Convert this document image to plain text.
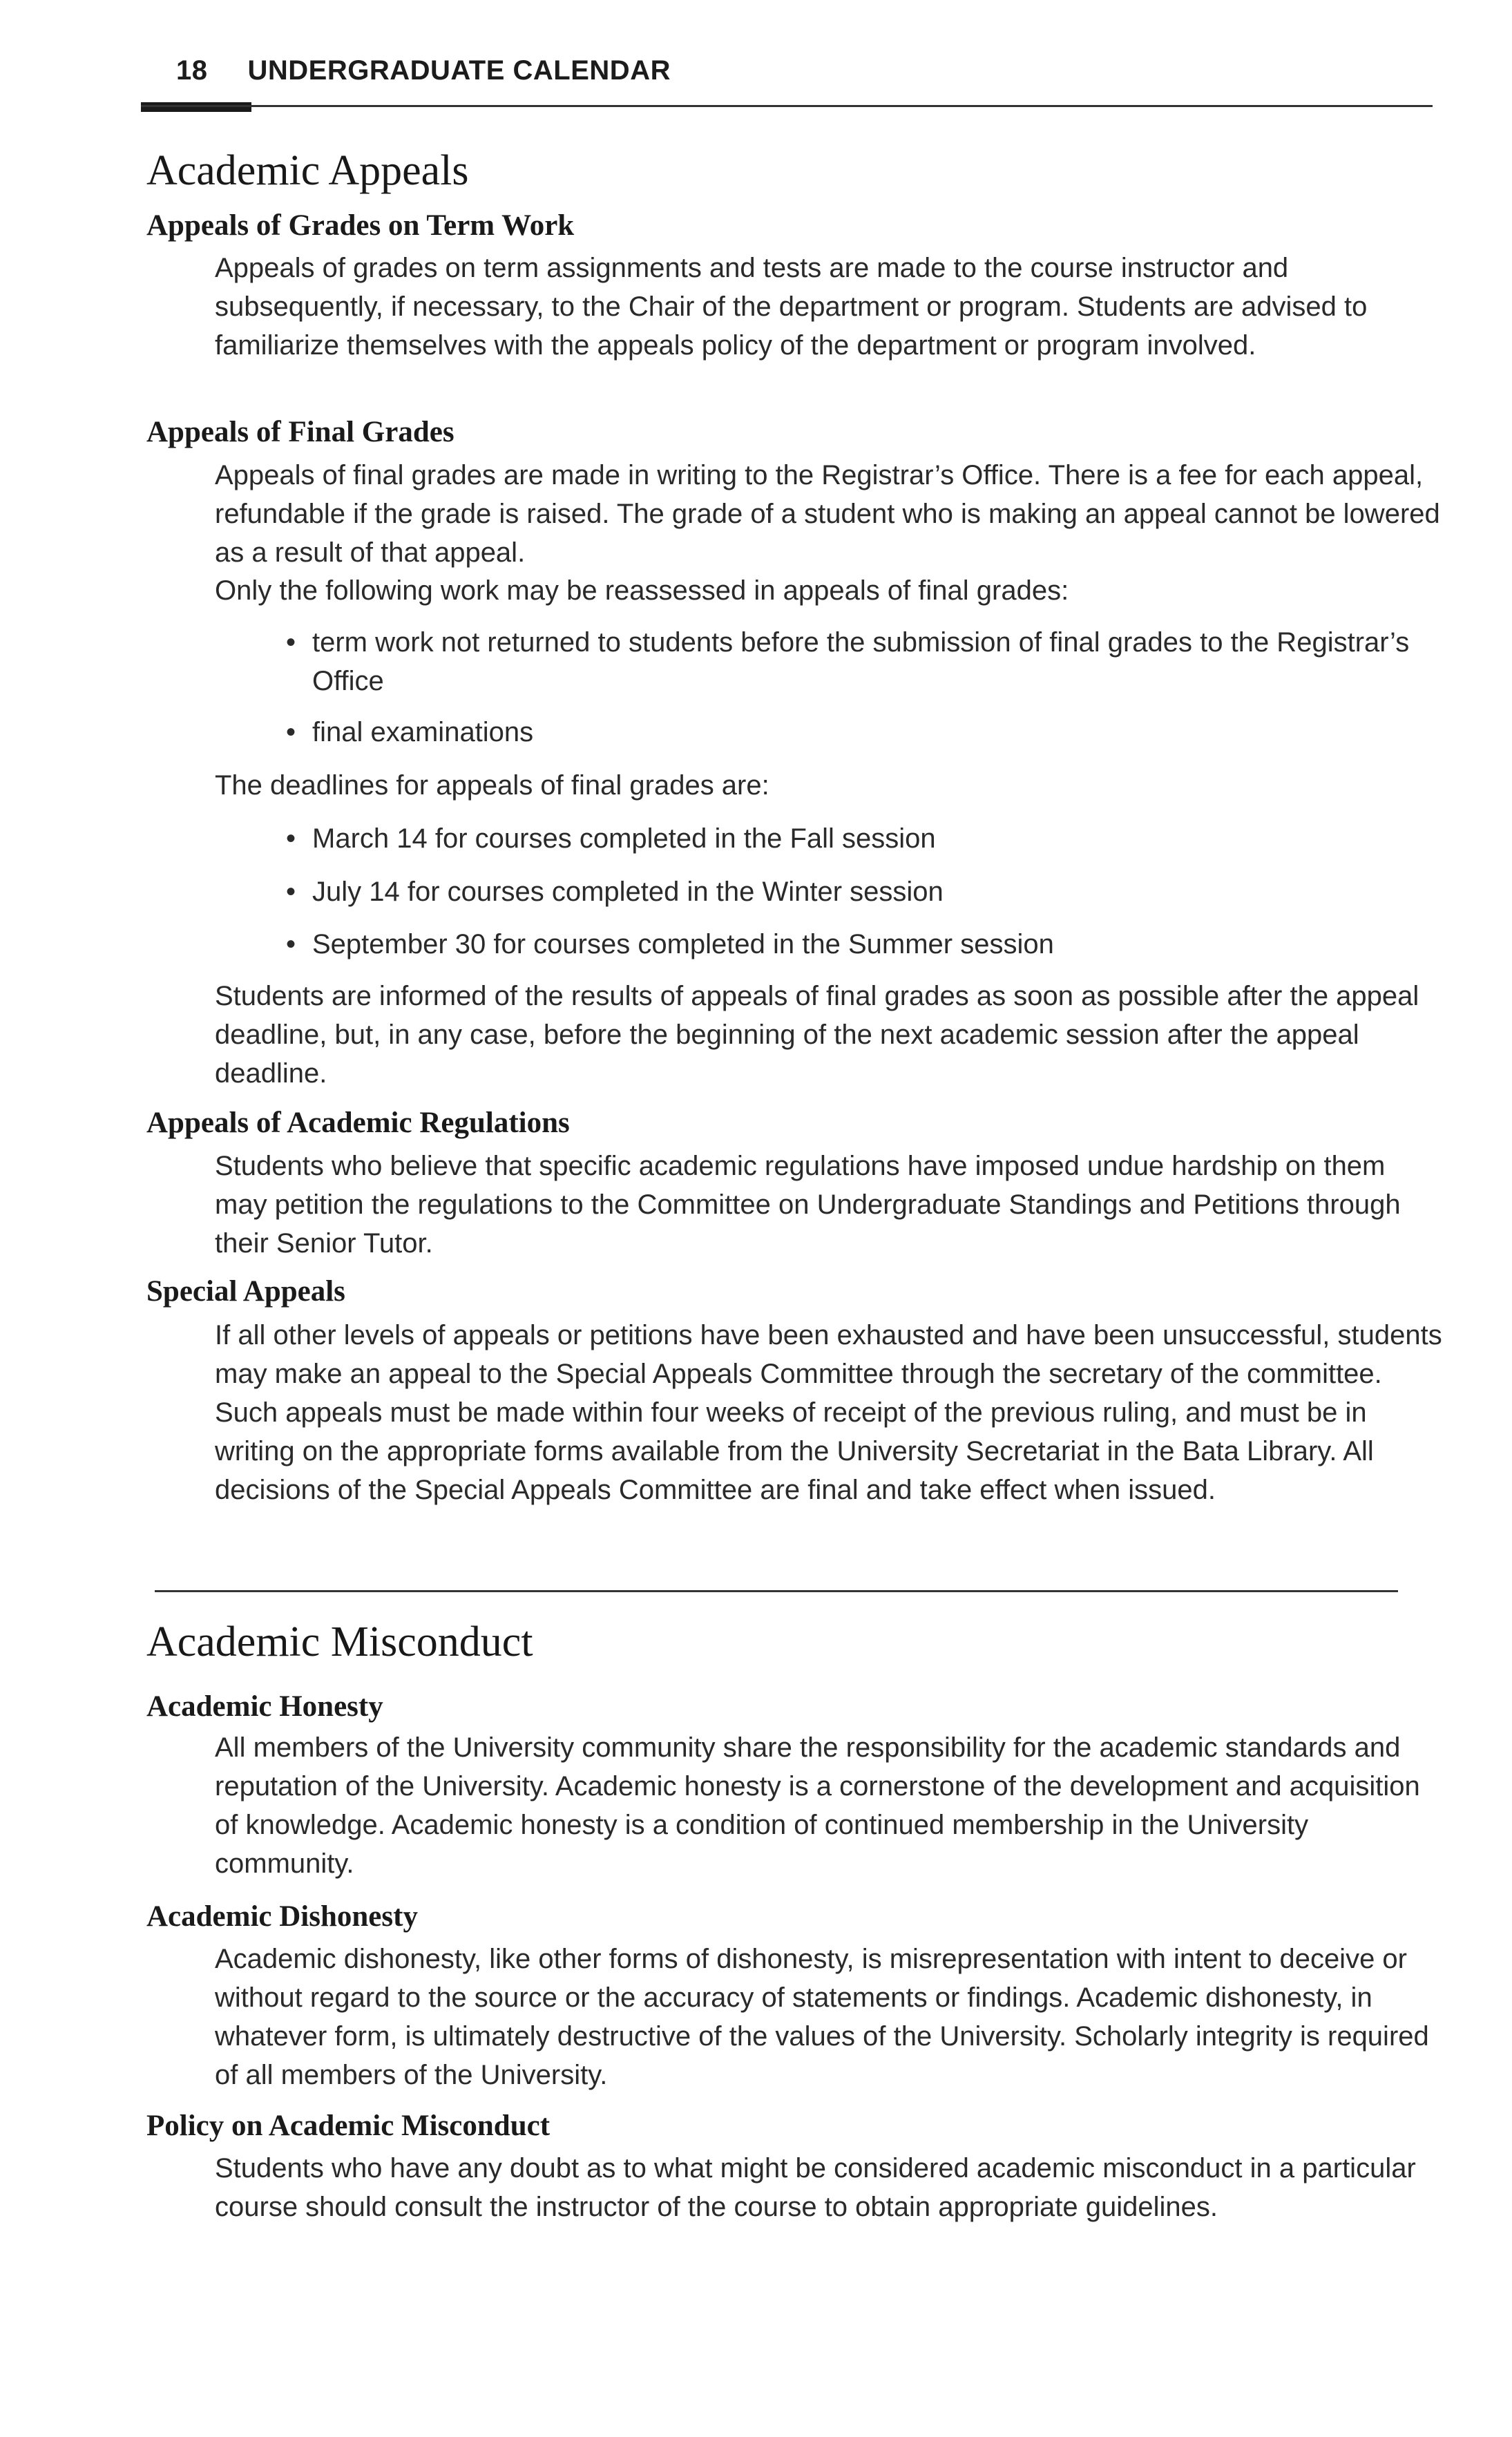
18 UNDERGRADUATE CALENDAR
Academic Appeals
Appeals of Grades on Term Work

Appeals of grades on term assignments and tests are made to the course instructor and subsequently, if necessary, to the Chair of the department or program. Students are advised to familiarize themselves with the appeals policy of the department or program involved.

Appeals of Final Grades

Appeals of final grades are made in writing to the Registrar’s Office. There is a fee for each appeal, refundable if the grade is raised. The grade of a student who is making an appeal cannot be lowered as a result of that appeal.

Only the following work may be reassessed in appeals of final grades:

• term work not returned to students before the submission of final grades to the Registrar’s Office
• final examinations

The deadlines for appeals of final grades are:

• March 14 for courses completed in the Fall session
• July 14 for courses completed in the Winter session
• September 30 for courses completed in the Summer session

Students are informed of the results of appeals of final grades as soon as possible after the appeal deadline, but, in any case, before the beginning of the next academic session after the appeal deadline.

Appeals of Academic Regulations

Students who believe that specific academic regulations have imposed undue hardship on them may petition the regulations to the Committee on Undergraduate Standings and Petitions through their Senior Tutor.

Special Appeals

If all other levels of appeals or petitions have been exhausted and have been unsuccessful, students may make an appeal to the Special Appeals Committee through the secretary of the committee. Such appeals must be made within four weeks of receipt of the previous ruling, and must be in writing on the appropriate forms available from the University Secretariat in the Bata Library. All decisions of the Special Appeals Committee are final and take effect when issued.

Academic Misconduct
Academic Honesty

All members of the University community share the responsibility for the academic standards and reputation of the University. Academic honesty is a cornerstone of the development and acquisition of knowledge. Academic honesty is a condition of continued membership in the University community.

Academic Dishonesty

Academic dishonesty, like other forms of dishonesty, is misrepresentation with intent to deceive or without regard to the source or the accuracy of statements or findings. Academic dishonesty, in whatever form, is ultimately destructive of the values of the University. Scholarly integrity is required of all members of the University.

Policy on Academic Misconduct

Students who have any doubt as to what might be considered academic misconduct in a particular course should consult the instructor of the course to obtain appropriate guidelines.
